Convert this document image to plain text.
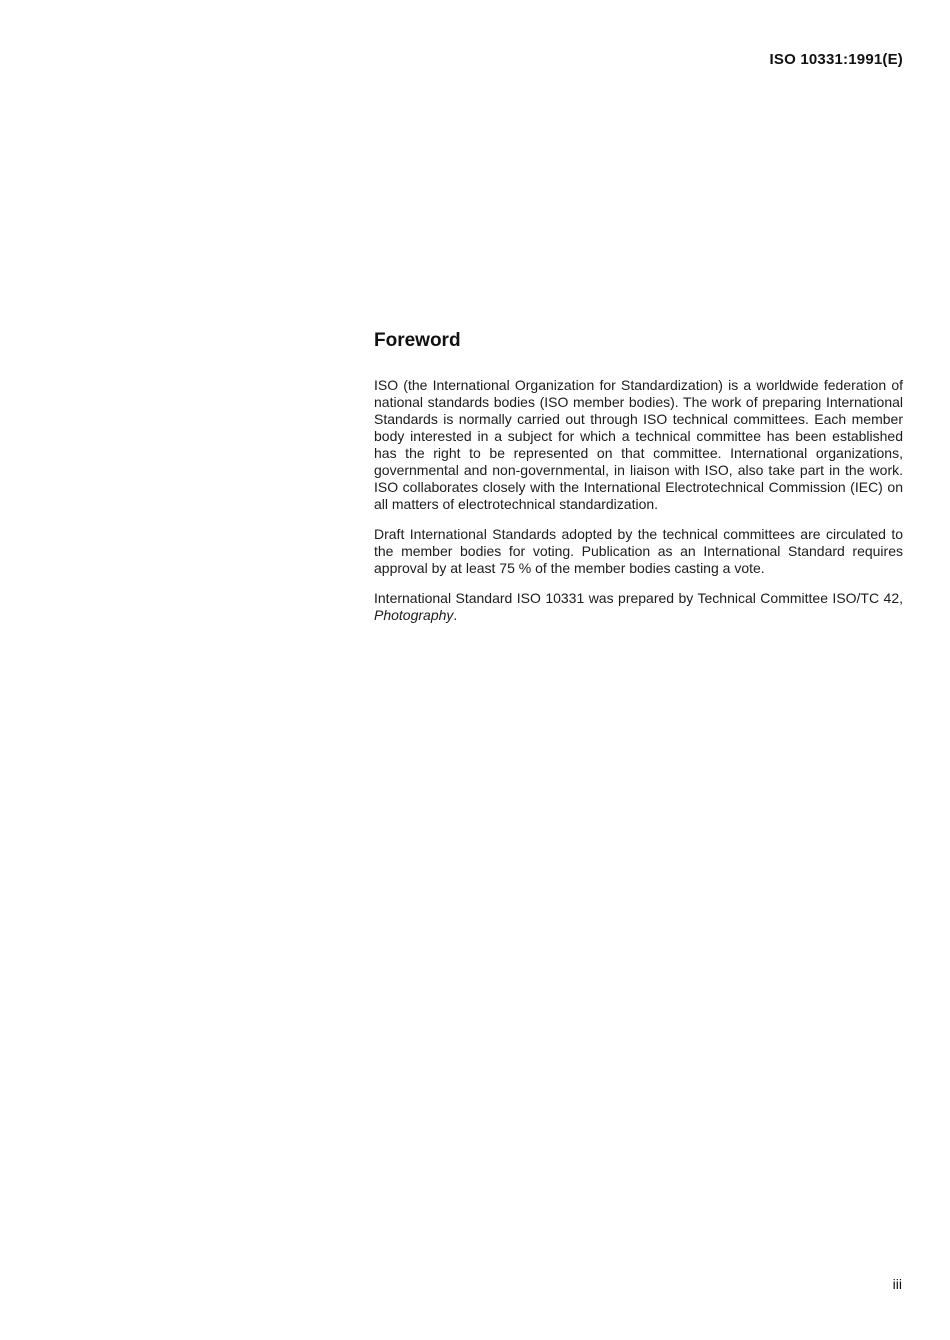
ISO 10331:1991(E)
Foreword

ISO (the International Organization for Standardization) is a worldwide federation of national standards bodies (ISO member bodies). The work of preparing International Standards is normally carried out through ISO technical committees. Each member body interested in a subject for which a technical committee has been established has the right to be represented on that committee. International organizations, governmental and non-governmental, in liaison with ISO, also take part in the work. ISO collaborates closely with the International Electrotechnical Commission (IEC) on all matters of electrotechnical standardization.

Draft International Standards adopted by the technical committees are circulated to the member bodies for voting. Publication as an International Standard requires approval by at least 75 % of the member bodies casting a vote.

International Standard ISO 10331 was prepared by Technical Committee ISO/TC 42, Photography.

iii
